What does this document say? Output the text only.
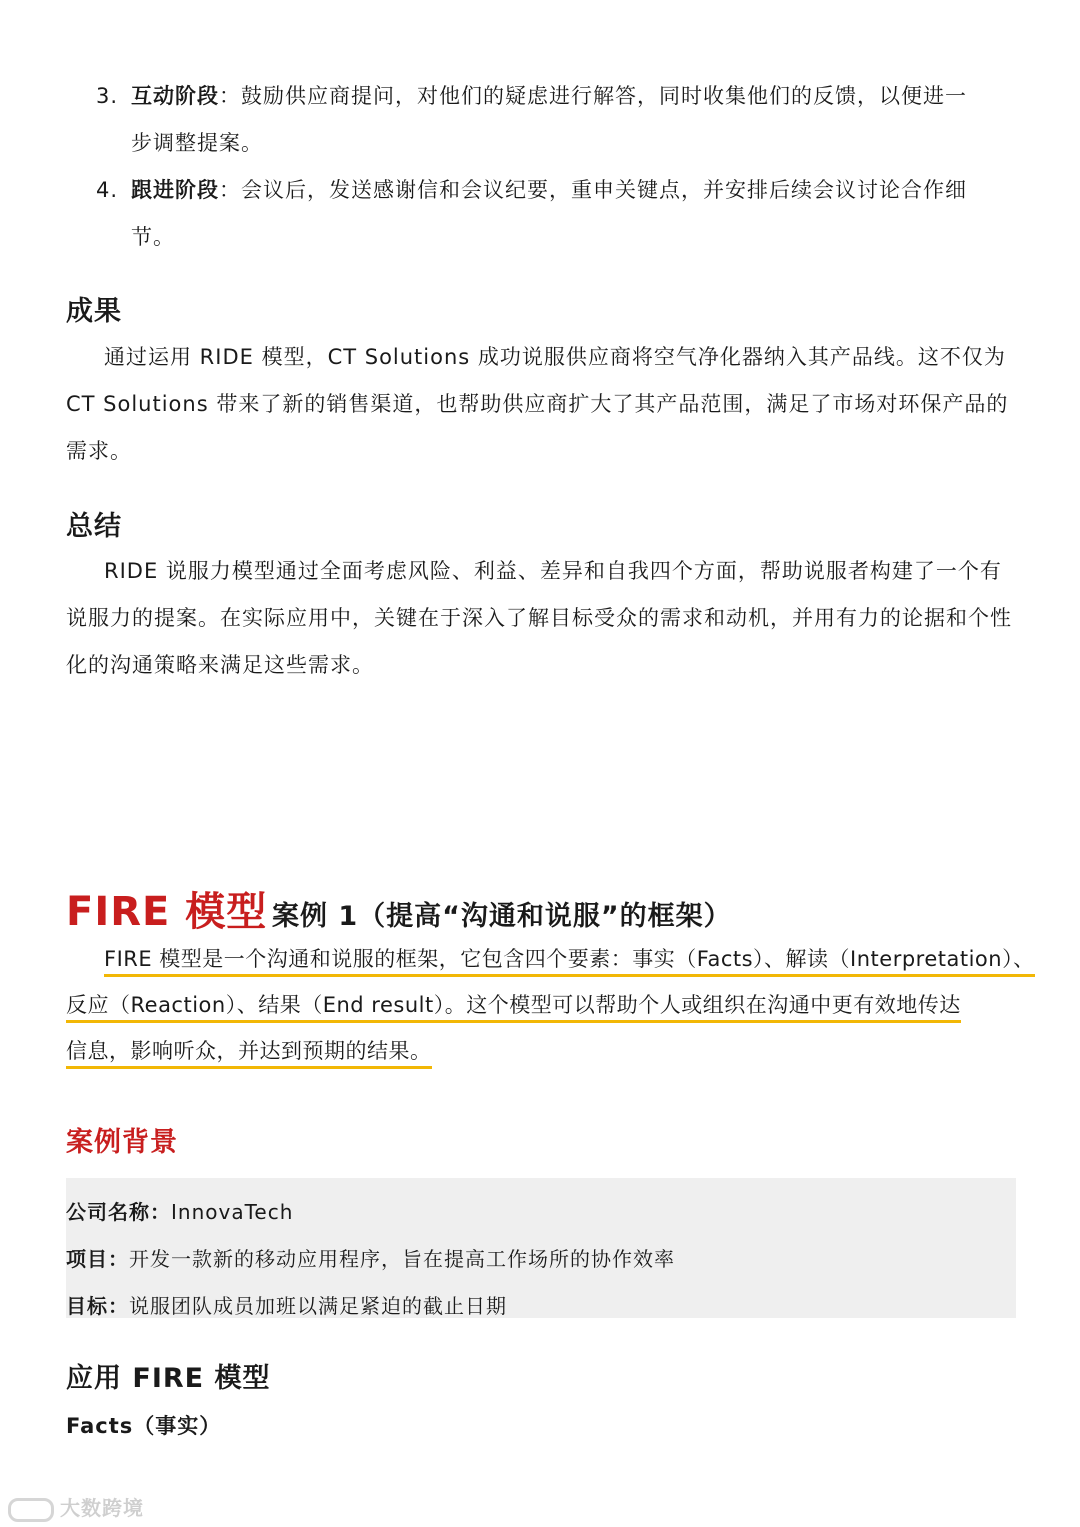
3. 互动阶段：鼓励供应商提问，对他们的疑虑进行解答，同时收集他们的反馈，以便进一
步调整提案。
4. 跟进阶段：会议后，发送感谢信和会议纪要，重申关键点，并安排后续会议讨论合作细
节。
成果
通过运用 RIDE 模型，CT Solutions 成功说服供应商将空气净化器纳入其产品线。这不仅为 CT Solutions 带来了新的销售渠道，也帮助供应商扩大了其产品范围，满足了市场对环保产品的需求。
总结
RIDE 说服力模型通过全面考虑风险、利益、差异和自我四个方面，帮助说服者构建了一个有说服力的提案。在实际应用中，关键在于深入了解目标受众的需求和动机，并用有力的论据和个性化的沟通策略来满足这些需求。
FIRE 模型 案例 1（提高“沟通和说服”的框架）
FIRE 模型是一个沟通和说服的框架，它包含四个要素：事实（Facts）、解读（Interpretation）、
反应（Reaction）、结果（End result）。这个模型可以帮助个人或组织在沟通中更有效地传达
信息，影响听众，并达到预期的结果。
案例背景
公司名称：InnovaTech
项目：开发一款新的移动应用程序，旨在提高工作场所的协作效率
目标：说服团队成员加班以满足紧迫的截止日期
应用 FIRE 模型
Facts（事实）
大数跨境
